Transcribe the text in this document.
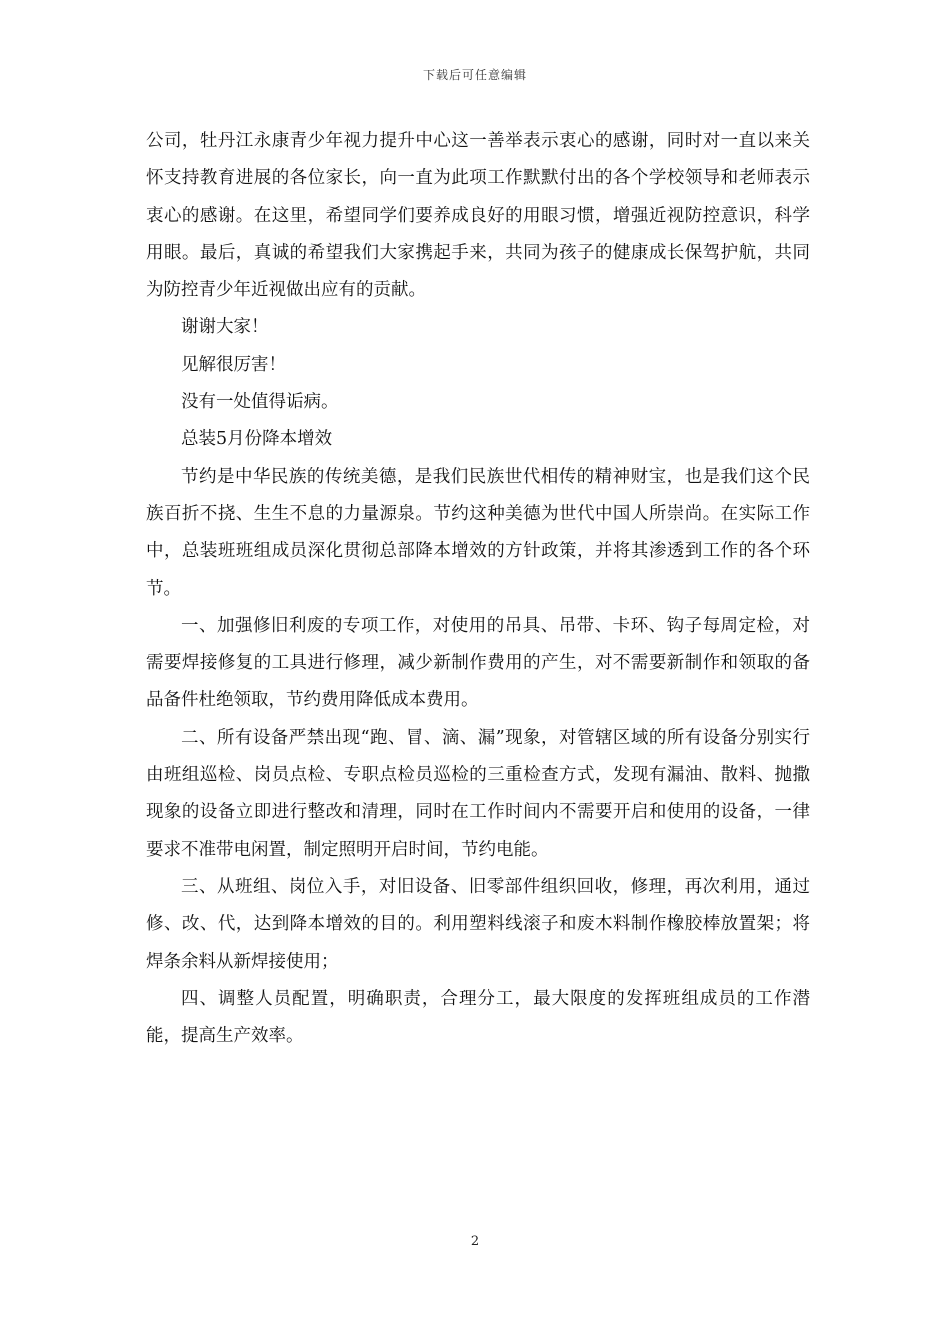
下载后可任意编辑

公司，牡丹江永康青少年视力提升中心这一善举表示衷心的感谢，同时对一直以来关怀支持教育进展的各位家长，向一直为此项工作默默付出的各个学校领导和老师表示衷心的感谢。在这里，希望同学们要养成良好的用眼习惯，增强近视防控意识，科学用眼。最后，真诚的希望我们大家携起手来，共同为孩子的健康成长保驾护航，共同为防控青少年近视做出应有的贡献。

谢谢大家！

见解很厉害！

没有一处值得诟病。

总装5月份降本增效

节约是中华民族的传统美德，是我们民族世代相传的精神财宝，也是我们这个民族百折不挠、生生不息的力量源泉。节约这种美德为世代中国人所崇尚。在实际工作中，总装班班组成员深化贯彻总部降本增效的方针政策，并将其渗透到工作的各个环节。

一、加强修旧利废的专项工作，对使用的吊具、吊带、卡环、钩子每周定检，对需要焊接修复的工具进行修理，减少新制作费用的产生，对不需要新制作和领取的备品备件杜绝领取，节约费用降低成本费用。

二、所有设备严禁出现“跑、冒、滴、漏”现象，对管辖区域的所有设备分别实行由班组巡检、岗员点检、专职点检员巡检的三重检查方式，发现有漏油、散料、抛撒现象的设备立即进行整改和清理，同时在工作时间内不需要开启和使用的设备，一律要求不准带电闲置，制定照明开启时间，节约电能。

三、从班组、岗位入手，对旧设备、旧零部件组织回收，修理，再次利用，通过修、改、代，达到降本增效的目的。利用塑料线滚子和废木料制作橡胶棒放置架；将焊条余料从新焊接使用；

四、调整人员配置，明确职责，合理分工，最大限度的发挥班组成员的工作潜能，提高生产效率。

2
